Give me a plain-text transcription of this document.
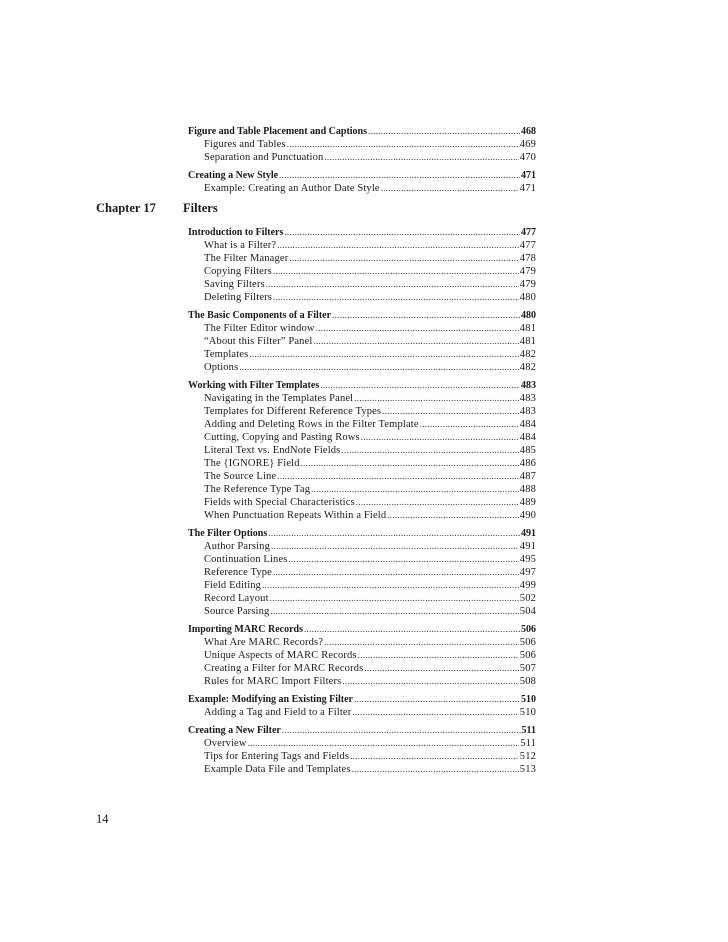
Figure and Table Placement and Captions .....	468
Figures and Tables .....	469
Separation and Punctuation .....	470
Creating a New Style .....	471
Example: Creating an Author Date Style .....	471
Chapter 17 Filters
Introduction to Filters .....	477
What is a Filter? .....	477
The Filter Manager .....	478
Copying Filters .....	479
Saving Filters .....	479
Deleting Filters .....	480
The Basic Components of a Filter .....	480
The Filter Editor window .....	481
“About this Filter” Panel .....	481
Templates .....	482
Options .....	482
Working with Filter Templates .....	483
Navigating in the Templates Panel .....	483
Templates for Different Reference Types .....	483
Adding and Deleting Rows in the Filter Template .....	484
Cutting, Copying and Pasting Rows .....	484
Literal Text vs. EndNote Fields .....	485
The {IGNORE} Field .....	486
The Source Line .....	487
The Reference Type Tag .....	488
Fields with Special Characteristics .....	489
When Punctuation Repeats Within a Field .....	490
The Filter Options .....	491
Author Parsing .....	491
Continuation Lines .....	495
Reference Type .....	497
Field Editing .....	499
Record Layout .....	502
Source Parsing .....	504
Importing MARC Records .....	506
What Are MARC Records? .....	506
Unique Aspects of MARC Records .....	506
Creating a Filter for MARC Records .....	507
Rules for MARC Import Filters .....	508
Example: Modifying an Existing Filter .....	510
Adding a Tag and Field to a Filter .....	510
Creating a New Filter .....	511
Overview .....	511
Tips for Entering Tags and Fields .....	512
Example Data File and Templates .....	513
14
